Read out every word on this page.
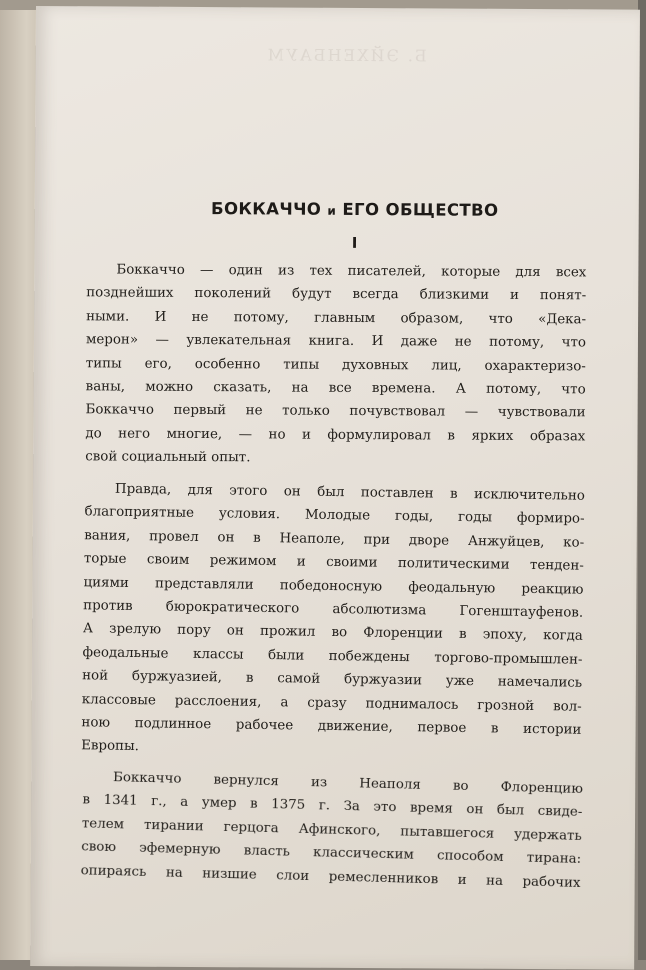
Б. ЭЙХЕНБАУМ
БОККАЧЧО и ЕГО ОБЩЕСТВО
I
Боккаччо — один из тех писателей, которые для всех
позднейших поколений будут всегда близкими и понят-
ными. И не потому, главным образом, что «Дека-
мерон» — увлекательная книга. И даже не потому, что
типы его, особенно типы духовных лиц, охарактеризо-
ваны, можно сказать, на все времена. А потому, что
Боккаччо первый не только почувствовал — чувствовали
до него многие, — но и формулировал в ярких образах
свой социальный опыт.
Правда, для этого он был поставлен в исключительно
благоприятные условия. Молодые годы, годы формиро-
вания, провел он в Неаполе, при дворе Анжуйцев, ко-
торые своим режимом и своими политическими тенден-
циями представляли победоносную феодальную реакцию
против бюрократического абсолютизма Гогенштауфенов.
А зрелую пору он прожил во Флоренции в эпоху, когда
феодальные классы были побеждены торгово-промышлен-
ной буржуазией, в самой буржуазии уже намечались
классовые расслоения, а сразу поднималось грозной вол-
ною подлинное рабочее движение, первое в истории
Европы.
Боккаччо вернулся из Неаполя во Флоренцию
в 1341 г., а умер в 1375 г. За это время он был свиде-
телем тирании герцога Афинского, пытавшегося удержать
свою эфемерную власть классическим способом тирана:
опираясь на низшие слои ремесленников и на рабочих
